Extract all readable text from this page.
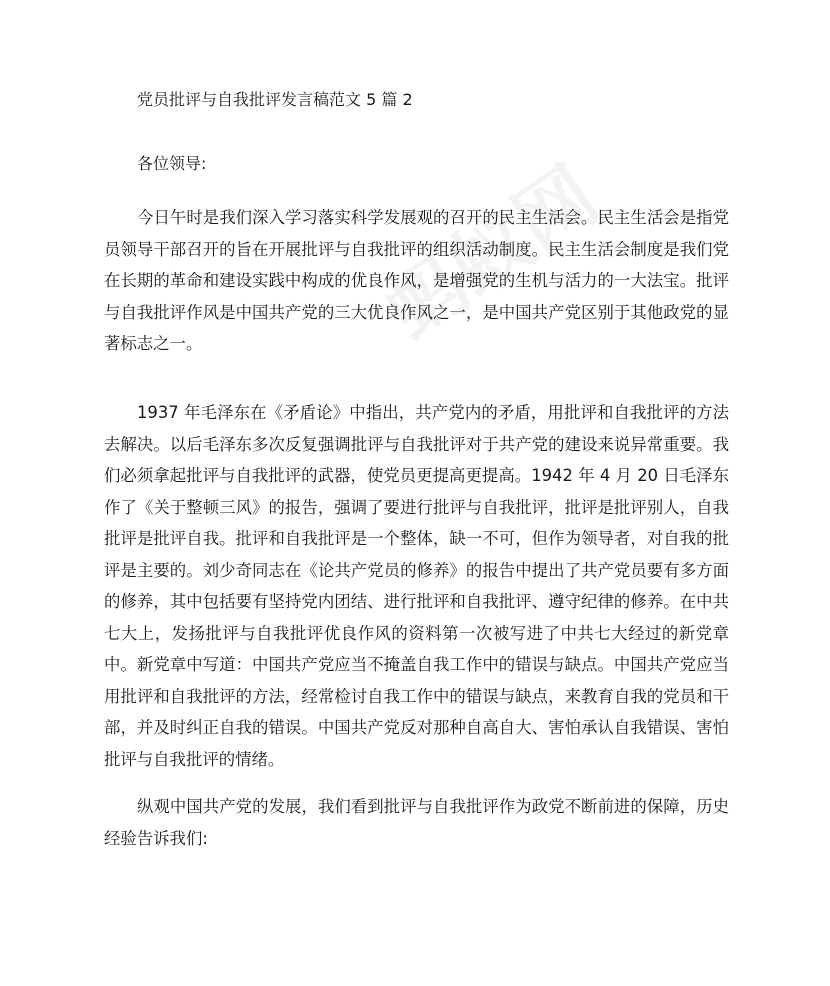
党员批评与自我批评发言稿范文 5 篇 2
各位领导:

今日午时是我们深入学习落实科学发展观的召开的民主生活会。民主生活会是指党员领导干部召开的旨在开展批评与自我批评的组织活动制度。民主生活会制度是我们党在长期的革命和建设实践中构成的优良作风，是增强党的生机与活力的一大法宝。批评与自我批评作风是中国共产党的三大优良作风之一，是中国共产党区别于其他政党的显著标志之一。

1937 年毛泽东在《矛盾论》中指出，共产党内的矛盾，用批评和自我批评的方法去解决。以后毛泽东多次反复强调批评与自我批评对于共产党的建设来说异常重要。我们必须拿起批评与自我批评的武器，使党员更提高更提高。1942 年 4 月 20 日毛泽东作了《关于整顿三风》的报告，强调了要进行批评与自我批评，批评是批评别人，自我批评是批评自我。批评和自我批评是一个整体，缺一不可，但作为领导者，对自我的批评是主要的。刘少奇同志在《论共产党员的修养》的报告中提出了共产党员要有多方面的修养，其中包括要有坚持党内团结、进行批评和自我批评、遵守纪律的修养。在中共七大上，发扬批评与自我批评优良作风的资料第一次被写进了中共七大经过的新党章中。新党章中写道：中国共产党应当不掩盖自我工作中的错误与缺点。中国共产党应当用批评和自我批评的方法，经常检讨自我工作中的错误与缺点，来教育自我的党员和干部，并及时纠正自我的错误。中国共产党反对那种自高自大、害怕承认自我错误、害怕批评与自我批评的情绪。

纵观中国共产党的发展，我们看到批评与自我批评作为政党不断前进的保障，历史经验告诉我们:
